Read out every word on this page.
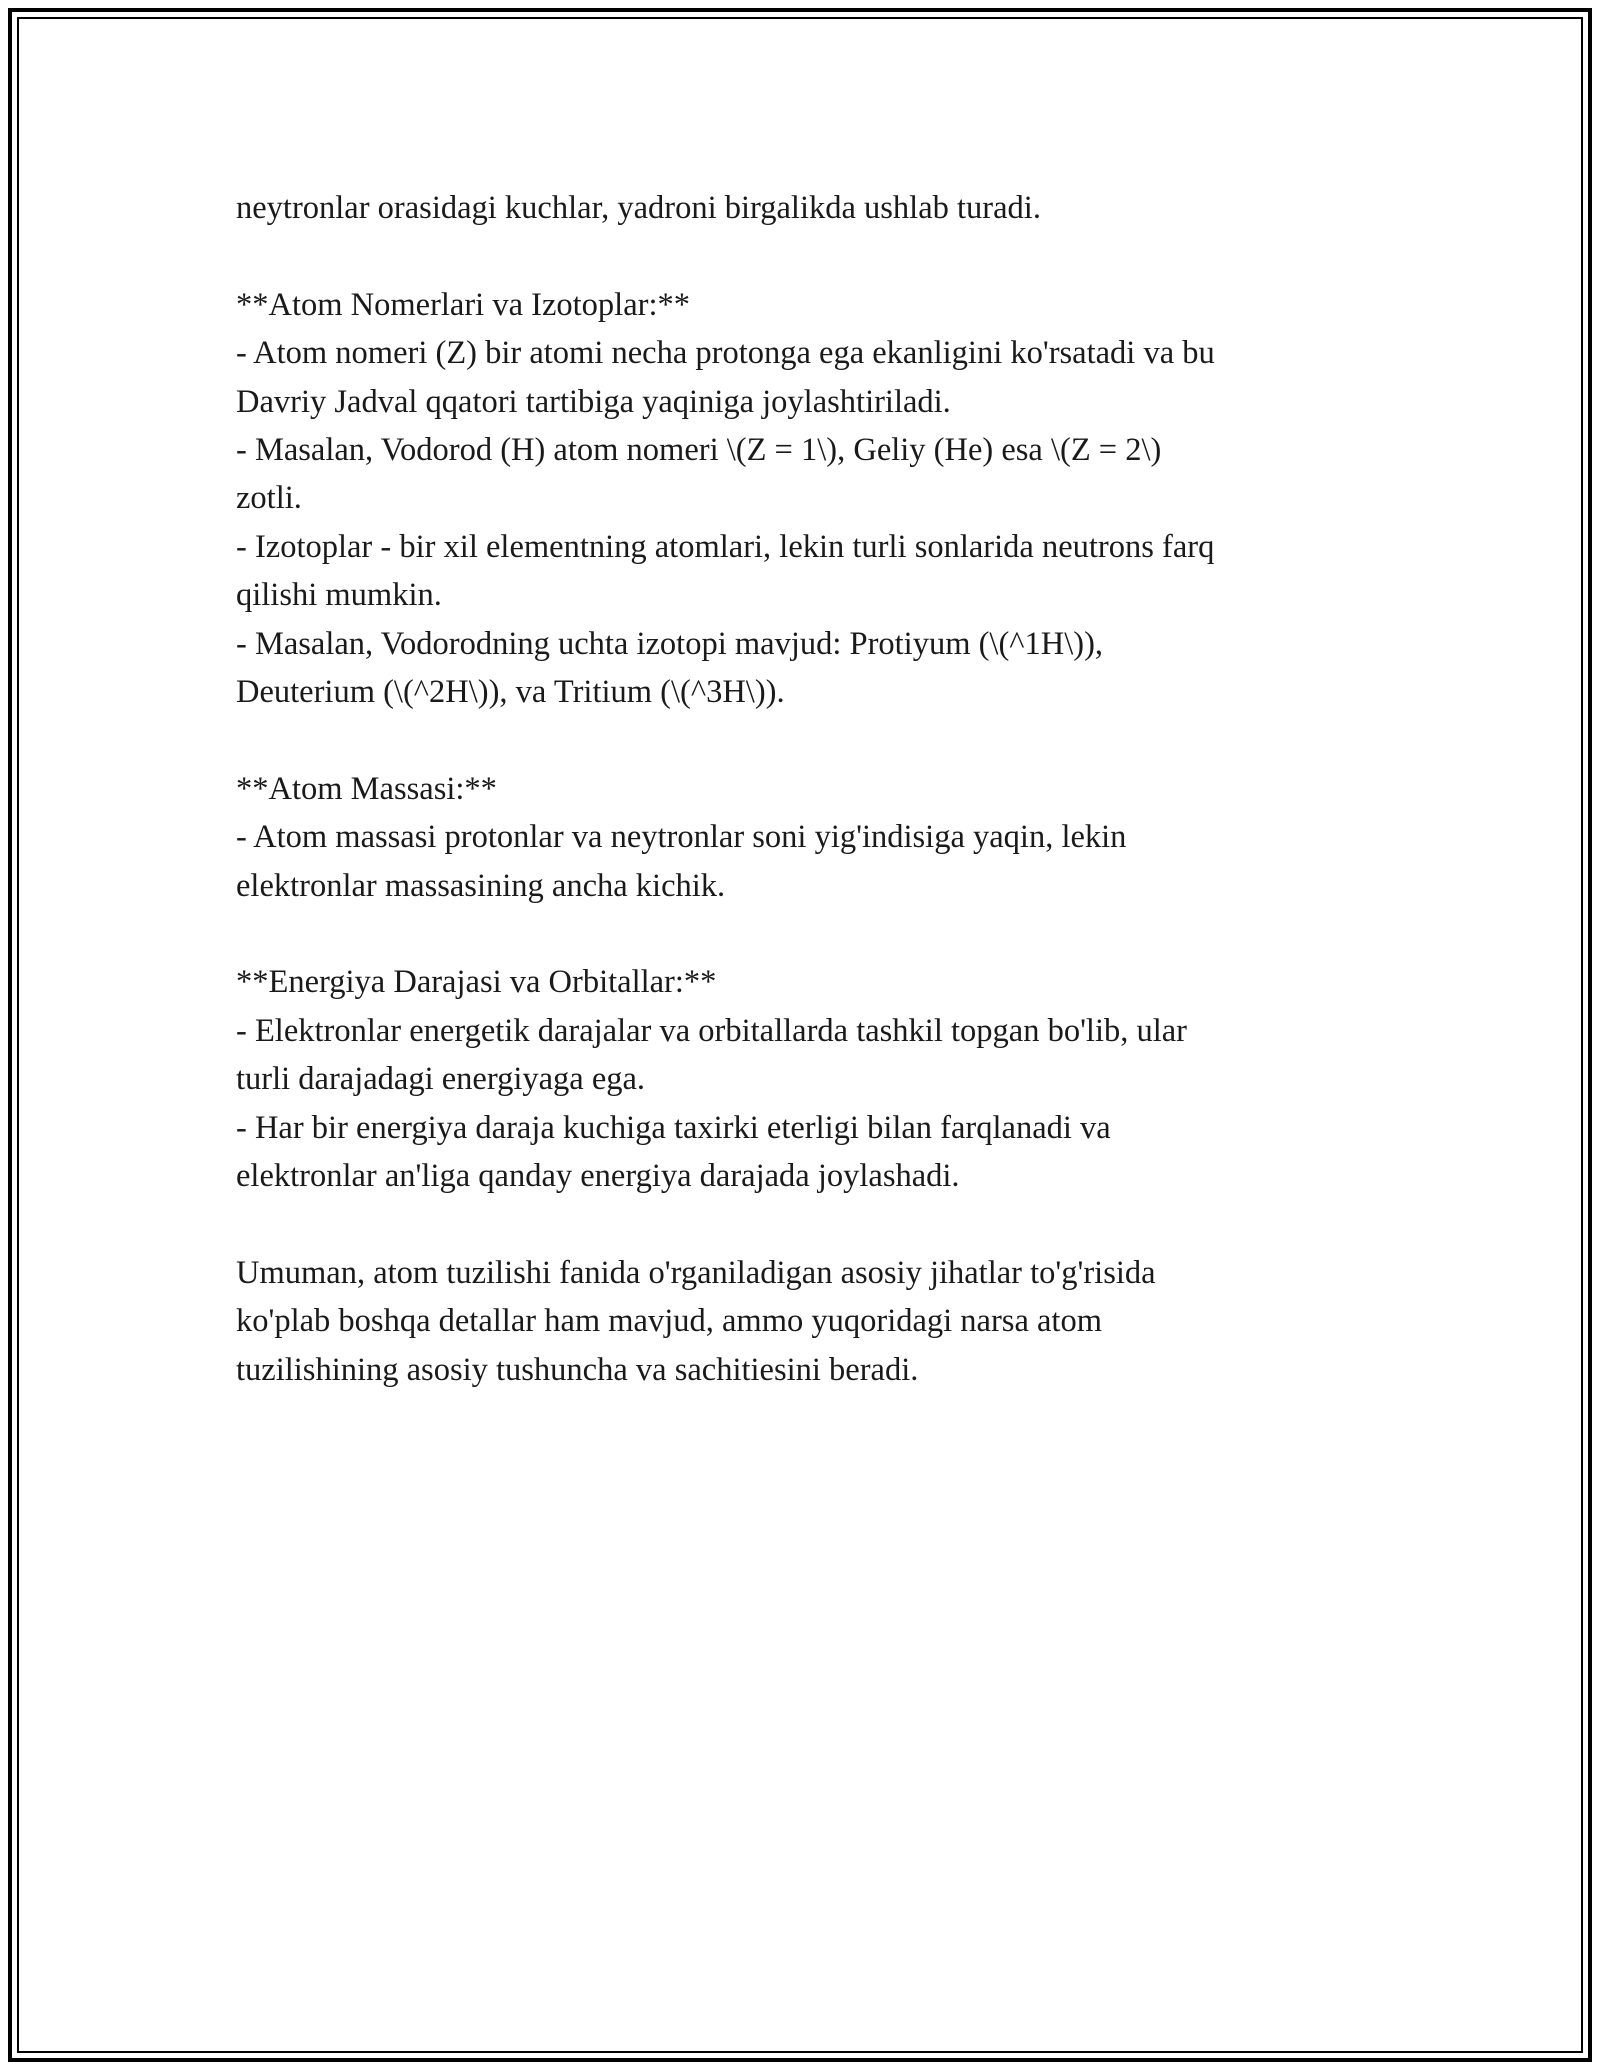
neytronlar orasidagi kuchlar, yadroni birgalikda ushlab turadi.
**Atom Nomerlari va Izotoplar:**
- Atom nomeri (Z) bir atomi necha protonga ega ekanligini ko'rsatadi va bu
Davriy Jadval qqatori tartibiga yaqiniga joylashtiriladi.
- Masalan, Vodorod (H) atom nomeri \(Z = 1\), Geliy (He) esa \(Z = 2\)
zotli.
- Izotoplar - bir xil elementning atomlari, lekin turli sonlarida neutrons farq
qilishi mumkin.
- Masalan, Vodorodning uchta izotopi mavjud: Protiyum (\(^1H\)),
Deuterium (\(^2H\)), va Tritium (\(^3H\)).
**Atom Massasi:**
- Atom massasi protonlar va neytronlar soni yig'indisiga yaqin, lekin
elektronlar massasining ancha kichik.
**Energiya Darajasi va Orbitallar:**
- Elektronlar energetik darajalar va orbitallarda tashkil topgan bo'lib, ular
turli darajadagi energiyaga ega.
- Har bir energiya daraja kuchiga taxirki eterligi bilan farqlanadi va
elektronlar an'liga qanday energiya darajada joylashadi.
Umuman, atom tuzilishi fanida o'rganiladigan asosiy jihatlar to'g'risida
ko'plab boshqa detallar ham mavjud, ammo yuqoridagi narsa atom
tuzilishining asosiy tushuncha va sachitiesini beradi.
